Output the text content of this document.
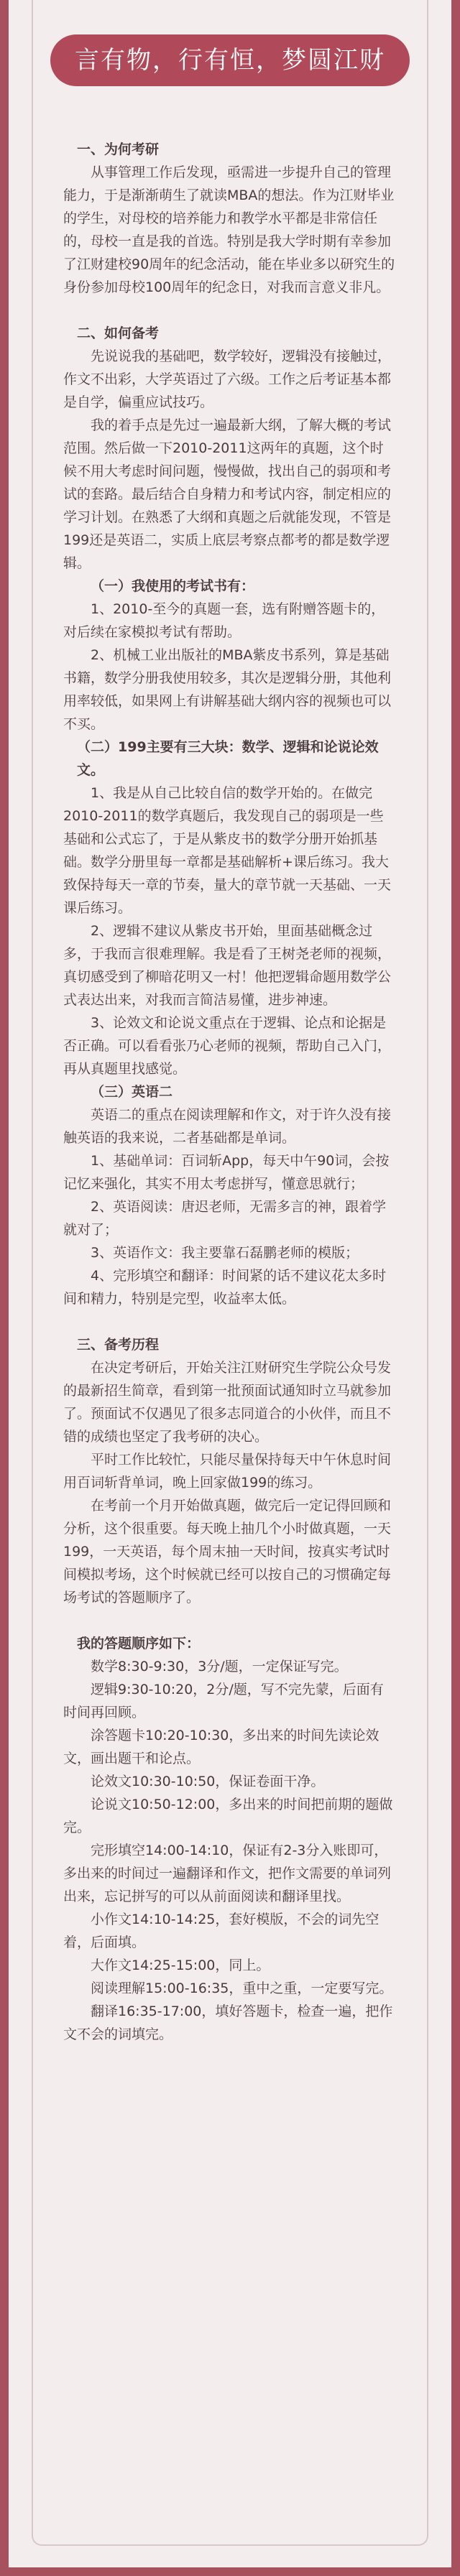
言有物，行有恒，梦圆江财
一、为何考研

从事管理工作后发现，亟需进一步提升自己的管理能力，于是渐渐萌生了就读MBA的想法。作为江财毕业的学生，对母校的培养能力和教学水平都是非常信任的，母校一直是我的首选。特别是我大学时期有幸参加了江财建校90周年的纪念活动，能在毕业多以研究生的身份参加母校100周年的纪念日，对我而言意义非凡。

二、如何备考

先说说我的基础吧，数学较好，逻辑没有接触过，作文不出彩，大学英语过了六级。工作之后考证基本都是自学，偏重应试技巧。

我的着手点是先过一遍最新大纲，了解大概的考试范围。然后做一下2010-2011这两年的真题，这个时候不用大考虑时间问题，慢慢做，找出自己的弱项和考试的套路。最后结合自身精力和考试内容，制定相应的学习计划。在熟悉了大纲和真题之后就能发现，不管是199还是英语二，实质上底层考察点都考的都是数学逻辑。

（一）我使用的考试书有：

1、2010-至今的真题一套，选有附赠答题卡的，对后续在家模拟考试有帮助。

2、机械工业出版社的MBA紫皮书系列，算是基础书籍，数学分册我使用较多，其次是逻辑分册，其他利用率较低，如果网上有讲解基础大纲内容的视频也可以不买。

（二）199主要有三大块：数学、逻辑和论说论效文。

1、我是从自己比较自信的数学开始的。在做完2010-2011的数学真题后，我发现自己的弱项是一些基础和公式忘了，于是从紫皮书的数学分册开始抓基础。数学分册里每一章都是基础解析+课后练习。我大致保持每天一章的节奏，量大的章节就一天基础、一天课后练习。

2、逻辑不建议从紫皮书开始，里面基础概念过多，于我而言很难理解。我是看了王树尧老师的视频，真切感受到了柳暗花明又一村！他把逻辑命题用数学公式表达出来，对我而言简洁易懂，进步神速。

3、论效文和论说文重点在于逻辑、论点和论据是否正确。可以看看张乃心老师的视频，帮助自己入门，再从真题里找感觉。

（三）英语二

英语二的重点在阅读理解和作文，对于许久没有接触英语的我来说，二者基础都是单词。

1、基础单词：百词斩App，每天中午90词，会按记忆来强化，其实不用太考虑拼写，懂意思就行；

2、英语阅读：唐迟老师，无需多言的神，跟着学就对了；

3、英语作文：我主要靠石磊鹏老师的模版；

4、完形填空和翻译：时间紧的话不建议花太多时间和精力，特别是完型，收益率太低。

三、备考历程

在决定考研后，开始关注江财研究生学院公众号发的最新招生简章，看到第一批预面试通知时立马就参加了。预面试不仅遇见了很多志同道合的小伙伴，而且不错的成绩也坚定了我考研的决心。

平时工作比较忙，只能尽量保持每天中午休息时间用百词斩背单词，晚上回家做199的练习。

在考前一个月开始做真题，做完后一定记得回顾和分析，这个很重要。每天晚上抽几个小时做真题，一天199，一天英语，每个周末抽一天时间，按真实考试时间模拟考场，这个时候就已经可以按自己的习惯确定每场考试的答题顺序了。

我的答题顺序如下：

数学8:30-9:30，3分/题，一定保证写完。

逻辑9:30-10:20，2分/题，写不完先蒙，后面有时间再回顾。

涂答题卡10:20-10:30，多出来的时间先读论效文，画出题干和论点。

论效文10:30-10:50，保证卷面干净。

论说文10:50-12:00，多出来的时间把前期的题做完。

完形填空14:00-14:10，保证有2-3分入账即可，多出来的时间过一遍翻译和作文，把作文需要的单词列出来，忘记拼写的可以从前面阅读和翻译里找。

小作文14:10-14:25，套好模版，不会的词先空着，后面填。

大作文14:25-15:00，同上。

阅读理解15:00-16:35，重中之重，一定要写完。

翻译16:35-17:00，填好答题卡，检查一遍，把作文不会的词填完。
